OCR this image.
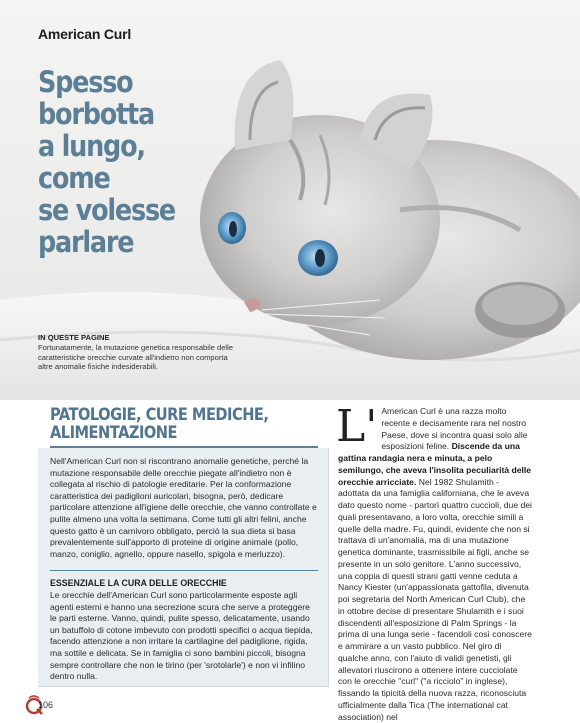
American Curl
Spesso
borbotta
a lungo,
come
se volesse
parlare
IN QUESTE PAGINE
Fortunatamente, la mutazione genetica responsabile delle caratteristiche orecchie curvate all'indietro non comporta altre anomalie fisiche indesiderabili.
PATOLOGIE, CURE MEDICHE,
ALIMENTAZIONE

Nell'American Curl non si riscontrano anomalie genetiche, perché la mutazione responsabile delle orecchie piegate all'indietro non è collegata al rischio di patologie ereditarie. Per la conformazione caratteristica dei padiglioni auricolari, bisogna, però, dedicare particolare attenzione all'igiene delle orecchie, che vanno controllate e pulite almeno una volta la settimana. Come tutti gli altri felini, anche questo gatto è un carnivoro obbligato, perciò la sua dieta si basa prevalentemente sull'apporto di proteine di origine animale (pollo, manzo, coniglio, agnello, oppure nasello, spigola e merluzzo).

ESSENZIALE LA CURA DELLE ORECCHIE

Le orecchie dell'American Curl sono particolarmente esposte agli agenti esterni e hanno una secrezione scura che serve a proteggere le parti esterne. Vanno, quindi, pulite spesso, delicatamente, usando un batuffolo di cotone imbevuto con prodotti specifici o acqua tiepida, facendo attenzione a non irritare la cartilagine del padiglione, rigida, ma sottile e delicata. Se in famiglia ci sono bambini piccoli, bisogna sempre controllare che non le tirino (per 'srotolarle') e non vi infilino dentro nulla.

L' American Curl è una razza molto recente e decisamente rara nel nostro Paese, dove si incontra quasi solo alle esposizioni feline. Discende da una gattina randagia nera e minuta, a pelo semilungo, che aveva l'insolita peculiarità delle orecchie arricciate. Nel 1982 Shulamith - adottata da una famiglia californiana, che le aveva dato questo nome - partorì quattro cuccioli, due dei quali presentavano, a loro volta, orecchie simili a quelle della madre. Fu, quindi, evidente che non si trattava di un'anomalia, ma di una mutazione genetica dominante, trasmissibile ai figli, anche se presente in un solo genitore. L'anno successivo, una coppia di questi strani gatti venne ceduta a Nancy Kiester (un'appassionata gattofila, divenuta poi segretaria del North American Curl Club), che in ottobre decise di presentare Shulamith e i suoi discendenti all'esposizione di Palm Springs - la prima di una lunga serie - facendoli così conoscere e ammirare a un vasto pubblico. Nel giro di qualche anno, con l'aiuto di validi genetisti, gli allevatori riuscirono a ottenere intere cucciolate con le orecchie "curl" ("a ricciolo" in inglese), fissando la tipicità della nuova razza, riconosciuta ufficialmente dalla Tica (The international cat association) nel

106
